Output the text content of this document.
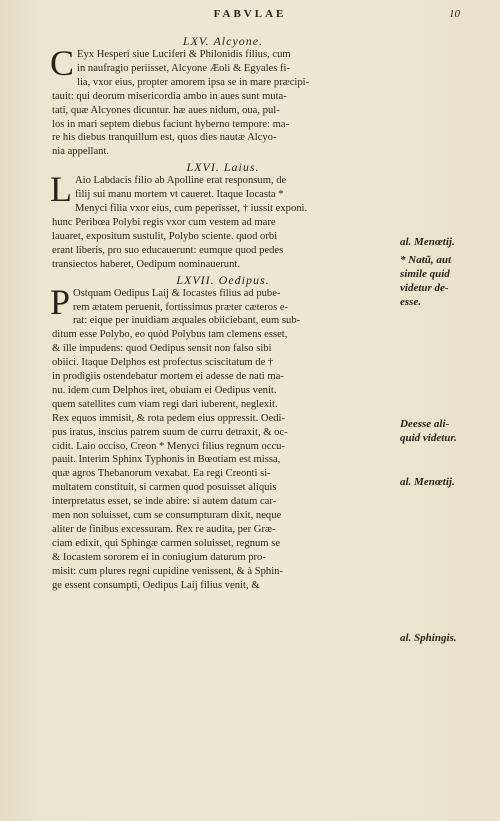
FABVLAE	10
LXV. Alcyone.
C Eyx Hesperi siue Luciferi & Philonidis filius, cum
in naufragio periisset, Alcyone Æoli & Egyales fi-
lia, vxor eius, propter amorem ipsa se in mare præcipi-
tauit: qui deorum misericordia ambo in aues sunt muta-
tati, quæ Alcyones dicuntur. hæ aues nidum, oua, pul-
los in mari septem diebus faciunt hyberno tempore: ma-
re his diebus tranquillum est, quos dies nautæ Alcyo-
nia appellant.
LXVI. Laius.
L Aio Labdacis filio ab Apolline erat responsum, de
filij sui manu mortem vt caueret. Itaque Iocasta *
Menyci filia vxor eius, cum peperisset, † iussit exponi.
hunc Peribœa Polybi regis vxor cum vestem ad mare
lauaret, expositum sustulit, Polybo sciente. quod orbi
erant liberis, pro suo educauerunt: eumque quod pedes
transiectos haberet, Oedipum nominauerunt.
LXVII. Oedipus.
P Ostquam Oedipus Laij & Iocastes filius ad pube-
rem ætatem peruenit, fortissimus præter cæteros e-
rat: eique per inuidiam æquales obiiciebant, eum sub-
ditum esse Polybo, eo quòd Polybus tam clemens esset,
& ille impudens: quod Oedipus sensit non falso sibi
obiici. Itaque Delphos est profectus sciscitatum de †
in prodigiis ostendebatur mortem ei adesse de nati ma-
nu. idem cum Delphos iret, obuiam ei Oedipus venit.
quem satellites cum viam regi dari iuberent, neglexit.
Rex equos immisit, & rota pedem eius oppressit. Oedi-
pus iratus, inscius patrem suum de curru detraxit, & oc-
cidit. Laio occiso, Creon * Menyci filius regnum occu-
pauit. Interim Sphinx Typhonis in Bœotiam est missa,
quæ agros Thebanorum vexabat. Ea regi Creonti si-
multatem constituit, si carmen quod posuisset aliquis
interpretatus esset, se inde abire: si autem datum car-
men non soluisset, cum se consumpturam dixit, neque
aliter de finibus excessuram. Rex re audita, per Græ-
ciam edixit, qui Sphingæ carmen soluisset, regnum se
& Iocastem sororem ei in coniugium daturum pro-
misit: cum plures regni cupidine venissent, & à Sphin-
ge essent consumpti, Oedipus Laij filius venit, &
al. Menœtij.
* Natũ, aut
simile quid
videtur de-
esse.
Deesse ali-
quid videtur.
al. Menœtij.
al. Sphingis.
